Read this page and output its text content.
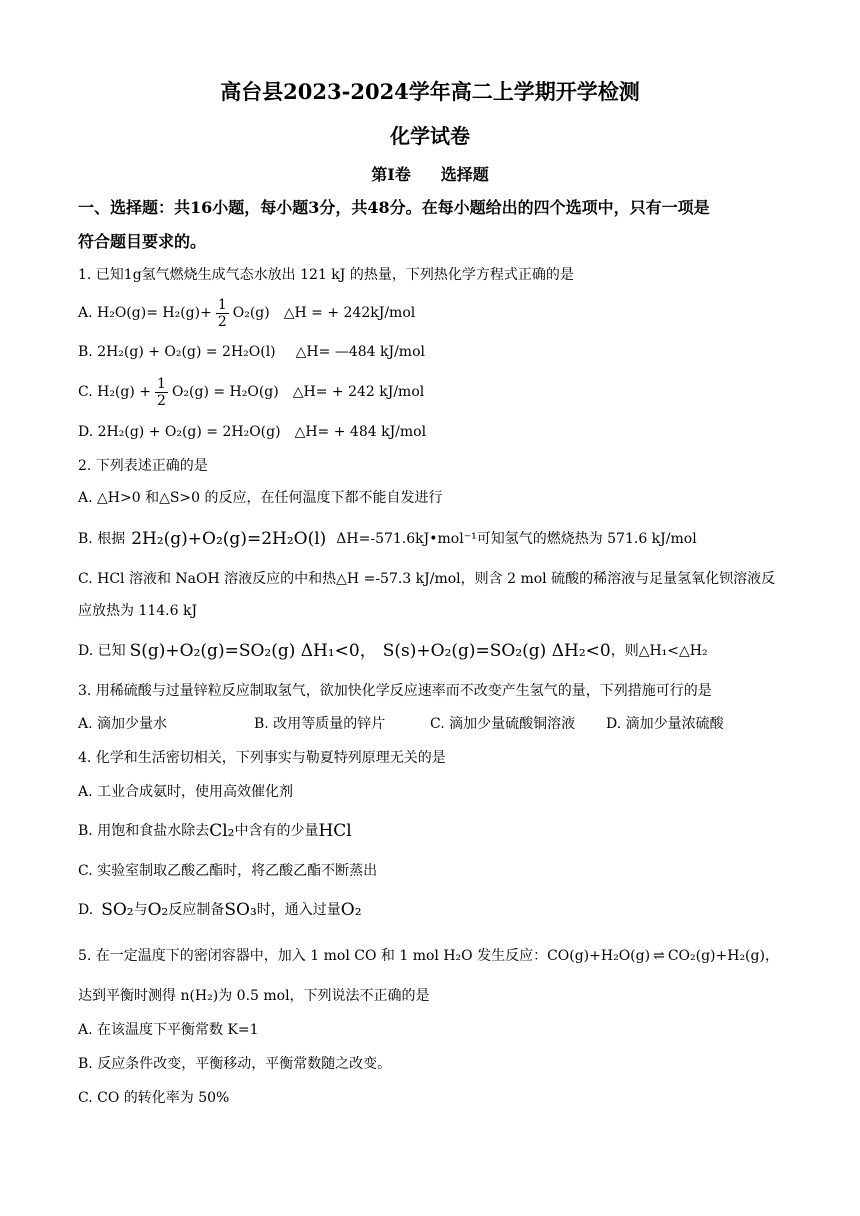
高台县2023-2024学年高二上学期开学检测
化学试卷
第I卷 选择题
一、选择题：共16小题，每小题3分，共48分。在每小题给出的四个选项中，只有一项是
符合题目要求的。
1. 已知1g氢气燃烧生成气态水放出 121 kJ 的热量，下列热化学方程式正确的是
A. $H_2O(g)= H_2(g)+ \frac{1}{2} O_2(g)$ △H = + 242kJ/mol
B. 2H₂(g) + O₂(g) = 2H₂O(l) △H= —484 kJ/mol
C. $H_2(g) + \frac{1}{2} O_2(g) = H_2O(g)$ △H= + 242 kJ/mol
D. 2H₂(g) + O₂(g) = 2H₂O(g) △H= + 484 kJ/mol
2. 下列表述正确的是
A. △H>0 和△S>0 的反应，在任何温度下都不能自发进行
B. 根据 2H₂(g)+O₂(g)=2H₂O(l) ΔH=-571.6kJ•mol⁻¹ 可知氢气的燃烧热为 571.6 kJ/mol
C. HCl 溶液和 NaOH 溶液反应的中和热△H =-57.3 kJ/mol，则含 2 mol 硫酸的稀溶液与足量氢氧化钡溶液反
应放热为 114.6 kJ
D. 已知 S(g)+O₂(g)=SO₂(g) ΔH₁<0， S(s)+O₂(g)=SO₂(g) ΔH₂<0 ，则△H₁<△H₂
3. 用稀硫酸与过量锌粒反应制取氢气，欲加快化学反应速率而不改变产生氢气的量，下列措施可行的是
A. 滴加少量水	B. 改用等质量的锌片	C. 滴加少量硫酸铜溶液	D. 滴加少量浓硫酸
4. 化学和生活密切相关，下列事实与勒夏特列原理无关的是
A. 工业合成氨时，使用高效催化剂
B. 用饱和食盐水除去 Cl₂ 中含有的少量 HCl
C. 实验室制取乙酸乙酯时，将乙酸乙酯不断蒸出
D. SO₂ 与 O₂ 反应制备 SO₃ 时，通入过量 O₂
5. 在一定温度下的密闭容器中，加入 1 mol CO 和 1 mol H₂O 发生反应：CO(g)+H₂O(g) ⇌ CO₂(g)+H₂(g)，
达到平衡时测得 n(H₂)为 0.5 mol，下列说法不正确的是
A. 在该温度下平衡常数 K=1
B. 反应条件改变，平衡移动，平衡常数随之改变。
C. CO 的转化率为 50%
